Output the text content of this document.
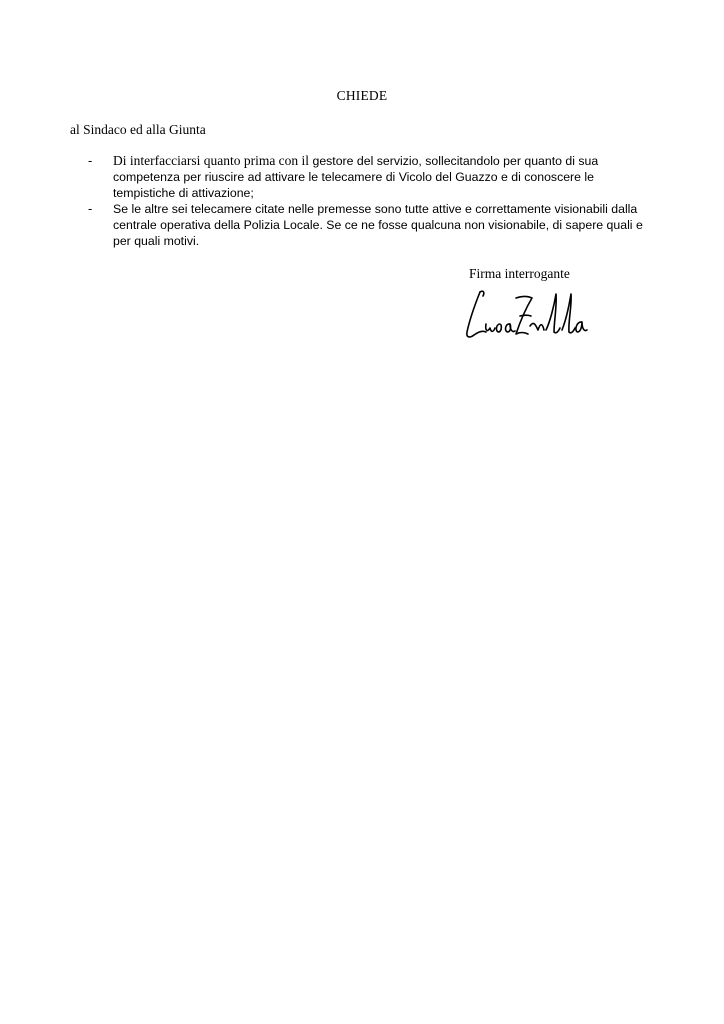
CHIEDE
al Sindaco ed alla Giunta
- Di interfacciarsi quanto prima con il gestore del servizio, sollecitandolo per quanto di sua competenza per riuscire ad attivare le telecamere di Vicolo del Guazzo e di conoscere le tempistiche di attivazione;
- Se le altre sei telecamere citate nelle premesse sono tutte attive e correttamente visionabili dalla centrale operativa della Polizia Locale. Se ce ne fosse qualcuna non visionabile, di sapere quali e per quali motivi.
Firma interrogante
